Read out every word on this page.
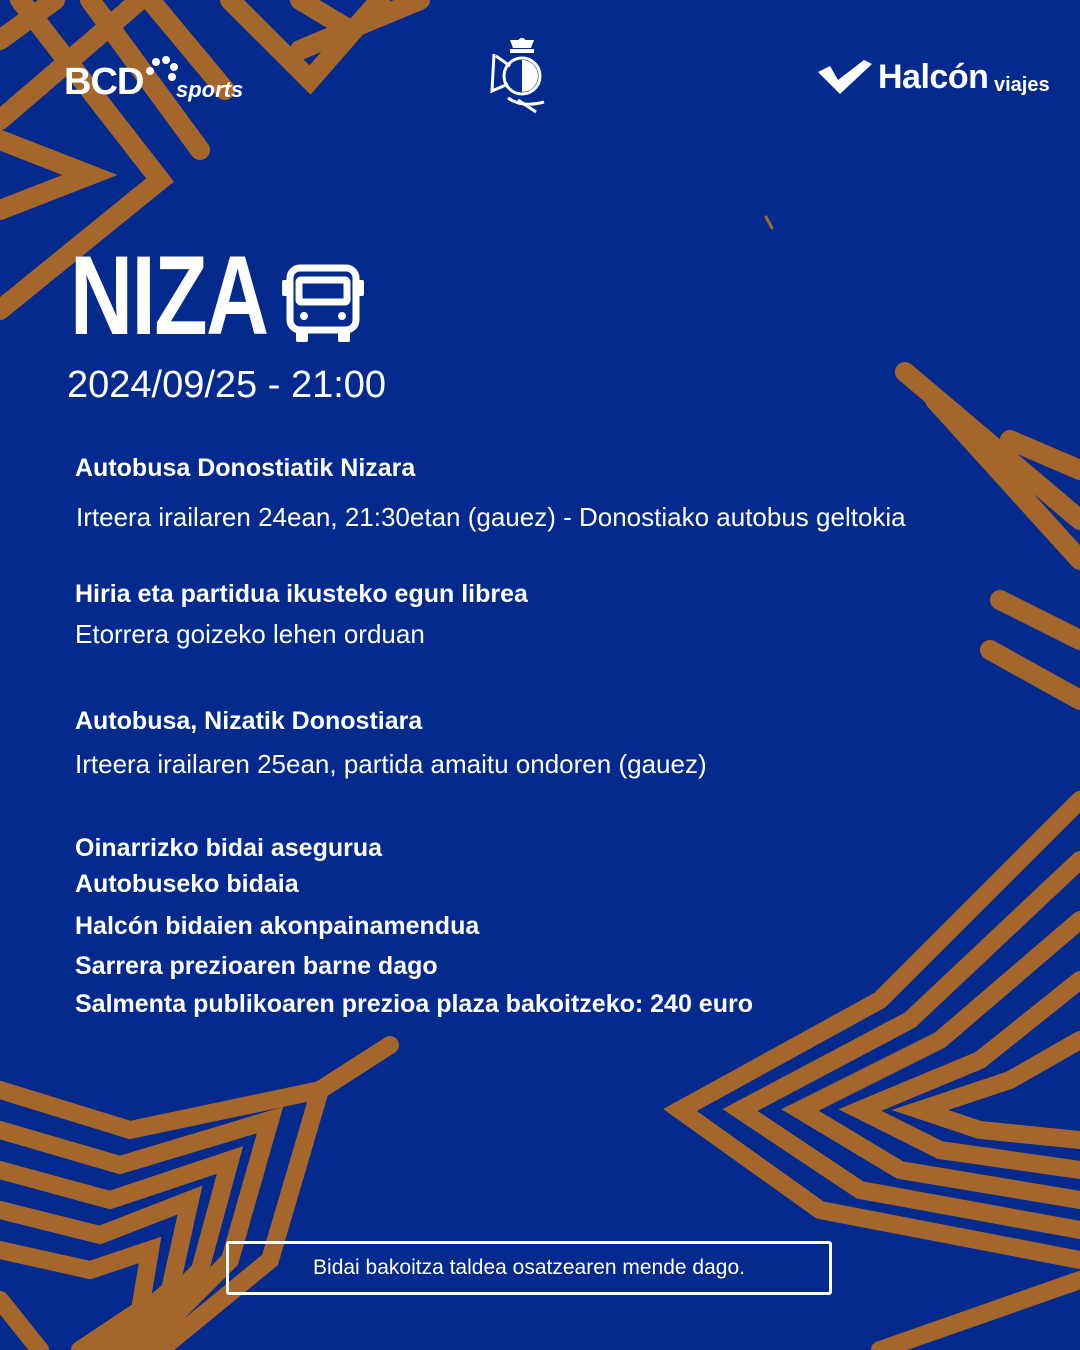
BCD sports	Halcón viajes
NIZA
2024/09/25 - 21:00
Autobusa Donostiatik Nizara
Irteera irailaren 24ean, 21:30etan (gauez) - Donostiako autobus geltokia
Hiria eta partidua ikusteko egun librea
Etorrera goizeko lehen orduan
Autobusa, Nizatik Donostiara
Irteera irailaren 25ean, partida amaitu ondoren (gauez)
Oinarrizko bidai asegurua
Autobuseko bidaia
Halcón bidaien akonpainamendua
Sarrera prezioaren barne dago
Salmenta publikoaren prezioa plaza bakoitzeko: 240 euro
Bidai bakoitza taldea osatzearen mende dago.
